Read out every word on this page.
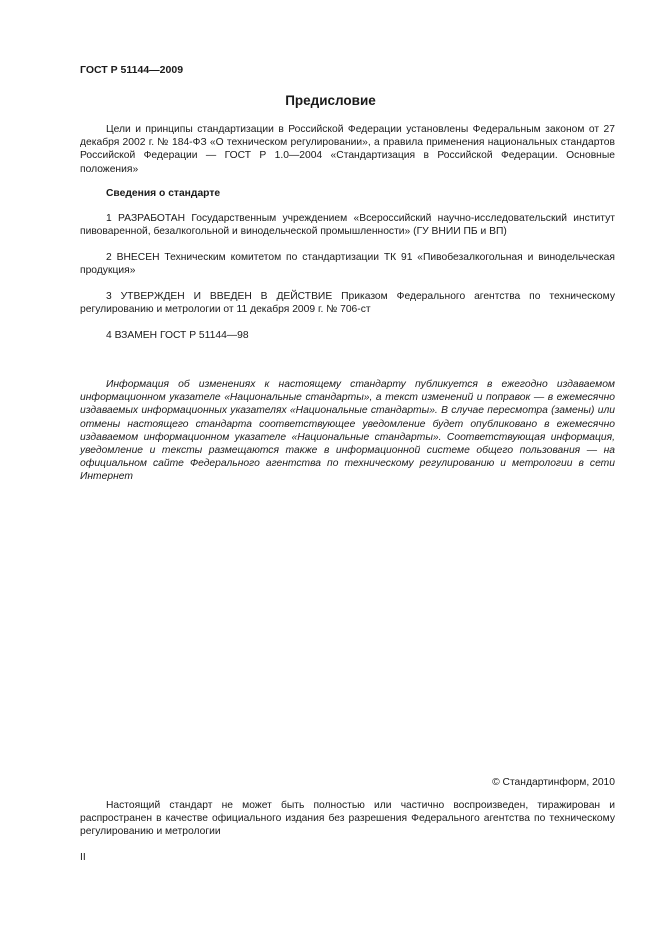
ГОСТ Р 51144—2009

Предисловие

Цели и принципы стандартизации в Российской Федерации установлены Федеральным законом от 27 декабря 2002 г. № 184-ФЗ «О техническом регулировании», а правила применения национальных стандартов Российской Федерации — ГОСТ Р 1.0—2004 «Стандартизация в Российской Федерации. Основные положения»

Сведения о стандарте

1 РАЗРАБОТАН Государственным учреждением «Всероссийский научно-исследовательский институт пивоваренной, безалкогольной и винодельческой промышленности» (ГУ ВНИИ ПБ и ВП)

2 ВНЕСЕН Техническим комитетом по стандартизации ТК 91 «Пивобезалкогольная и винодельческая продукция»

3 УТВЕРЖДЕН И ВВЕДЕН В ДЕЙСТВИЕ Приказом Федерального агентства по техническому регулированию и метрологии от 11 декабря 2009 г. № 706-ст

4 ВЗАМЕН ГОСТ Р 51144—98

Информация об изменениях к настоящему стандарту публикуется в ежегодно издаваемом информационном указателе «Национальные стандарты», а текст изменений и поправок — в ежемесячно издаваемых информационных указателях «Национальные стандарты». В случае пересмотра (замены) или отмены настоящего стандарта соответствующее уведомление будет опубликовано в ежемесячно издаваемом информационном указателе «Национальные стандарты». Соответствующая информация, уведомление и тексты размещаются также в информационной системе общего пользования — на официальном сайте Федерального агентства по техническому регулированию и метрологии в сети Интернет

© Стандартинформ, 2010

Настоящий стандарт не может быть полностью или частично воспроизведен, тиражирован и распространен в качестве официального издания без разрешения Федерального агентства по техническому регулированию и метрологии

II
